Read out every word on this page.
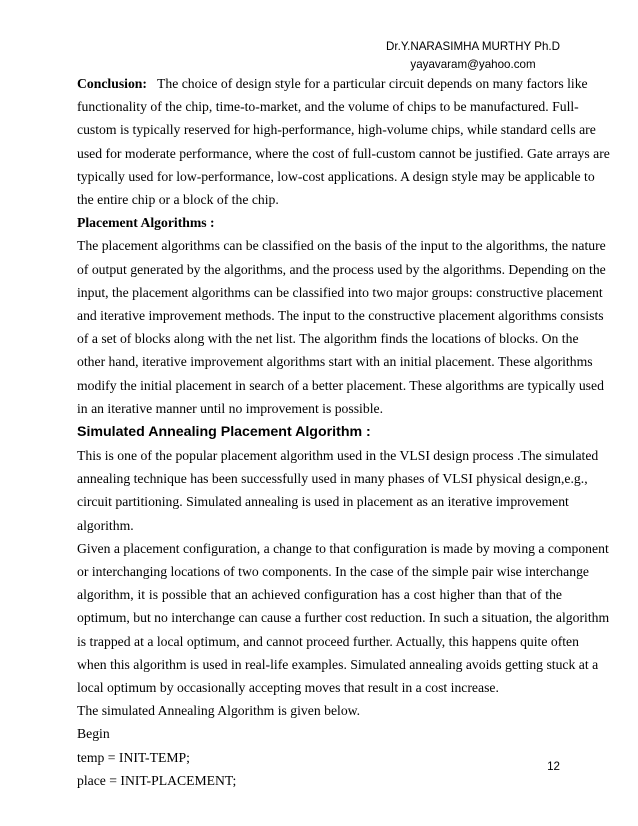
Dr.Y.NARASIMHA MURTHY Ph.D
yayavaram@yahoo.com
Conclusion: The choice of design style for a particular circuit depends on many factors like
functionality of the chip, time-to-market, and the volume of chips to be manufactured. Full-
custom is typically reserved for high-performance, high-volume chips, while standard cells are
used for moderate performance, where the cost of full-custom cannot be justified. Gate arrays are
typically used for low-performance, low-cost applications. A design style may be applicable to
the entire chip or a block of the chip.
Placement Algorithms :
The placement algorithms can be classified on the basis of the input to the algorithms, the nature
of output generated by the algorithms, and the process used by the algorithms. Depending on the
input, the placement algorithms can be classified into two major groups: constructive placement
and iterative improvement methods. The input to the constructive placement algorithms consists
of a set of blocks along with the net list. The algorithm finds the locations of blocks. On the
other hand, iterative improvement algorithms start with an initial placement. These algorithms
modify the initial placement in search of a better placement. These algorithms are typically used
in an iterative manner until no improvement is possible.
Simulated Annealing Placement Algorithm :
This is one of the popular placement algorithm used in the VLSI design process .The simulated
annealing technique has been successfully used in many phases of VLSI physical design,e.g.,
circuit partitioning. Simulated annealing is used in placement as an iterative improvement
algorithm.
Given a placement configuration, a change to that configuration is made by moving a component
or interchanging locations of two components. In the case of the simple pair wise interchange
algorithm, it is possible that an achieved configuration has a cost higher than that of the
optimum, but no interchange can cause a further cost reduction. In such a situation, the algorithm
is trapped at a local optimum, and cannot proceed further. Actually, this happens quite often
when this algorithm is used in real-life examples. Simulated annealing avoids getting stuck at a
local optimum by occasionally accepting moves that result in a cost increase.
The simulated Annealing Algorithm is given below.
Begin
temp = INIT-TEMP;
place = INIT-PLACEMENT;
12
